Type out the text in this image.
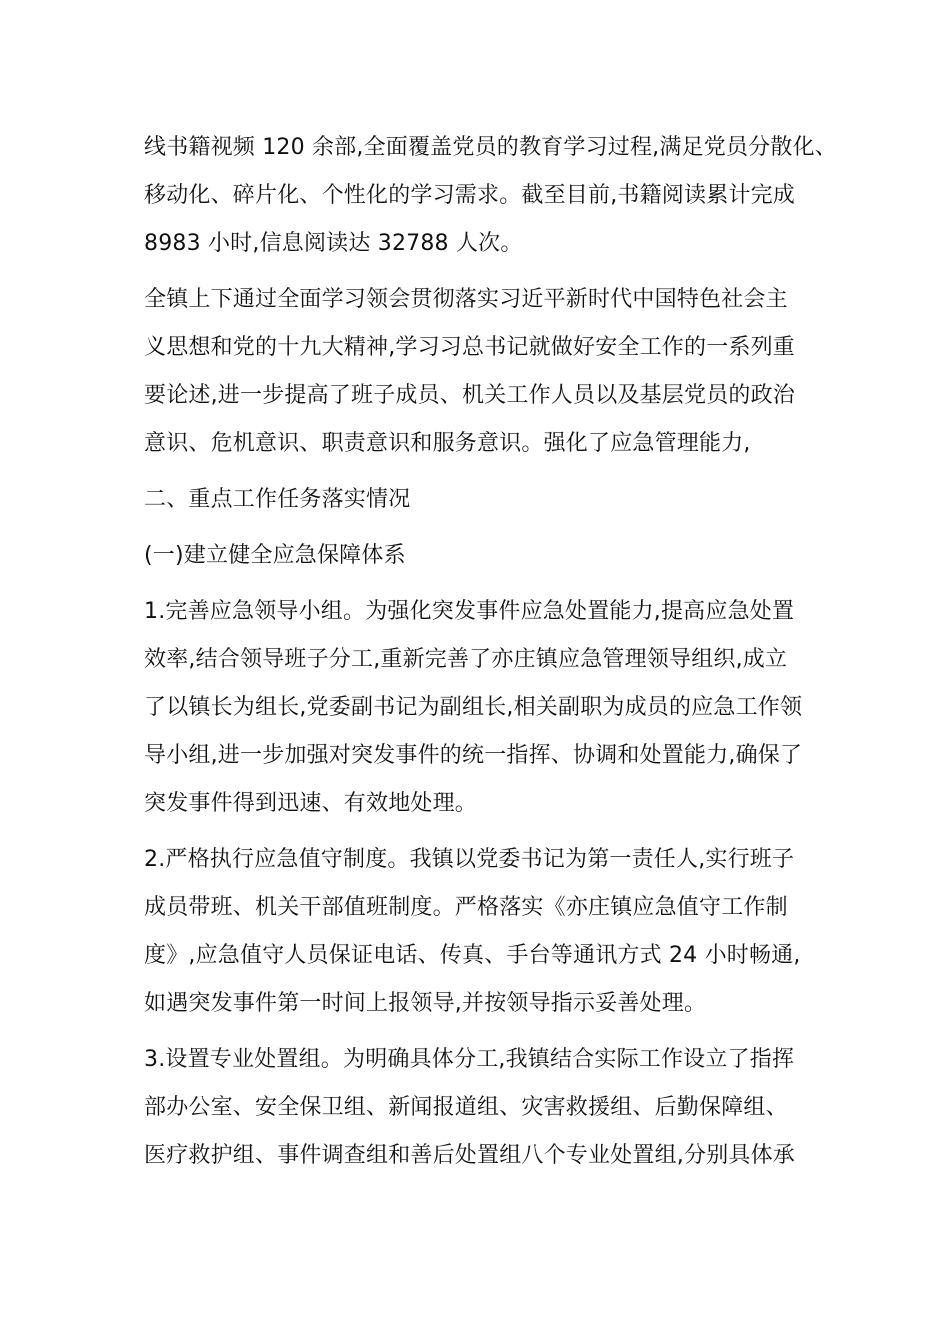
线书籍视频 120 余部,全面覆盖党员的教育学习过程,满足党员分散化、
移动化、碎片化、个性化的学习需求。截至目前,书籍阅读累计完成
8983 小时,信息阅读达 32788 人次。

全镇上下通过全面学习领会贯彻落实习近平新时代中国特色社会主
义思想和党的十九大精神,学习习总书记就做好安全工作的一系列重
要论述,进一步提高了班子成员、机关工作人员以及基层党员的政治
意识、危机意识、职责意识和服务意识。强化了应急管理能力,

二、重点工作任务落实情况

(一)建立健全应急保障体系

1.完善应急领导小组。为强化突发事件应急处置能力,提高应急处置
效率,结合领导班子分工,重新完善了亦庄镇应急管理领导组织,成立
了以镇长为组长,党委副书记为副组长,相关副职为成员的应急工作领
导小组,进一步加强对突发事件的统一指挥、协调和处置能力,确保了
突发事件得到迅速、有效地处理。

2.严格执行应急值守制度。我镇以党委书记为第一责任人,实行班子
成员带班、机关干部值班制度。严格落实《亦庄镇应急值守工作制
度》,应急值守人员保证电话、传真、手台等通讯方式 24 小时畅通,
如遇突发事件第一时间上报领导,并按领导指示妥善处理。

3.设置专业处置组。为明确具体分工,我镇结合实际工作设立了指挥
部办公室、安全保卫组、新闻报道组、灾害救援组、后勤保障组、
医疗救护组、事件调查组和善后处置组八个专业处置组,分别具体承
